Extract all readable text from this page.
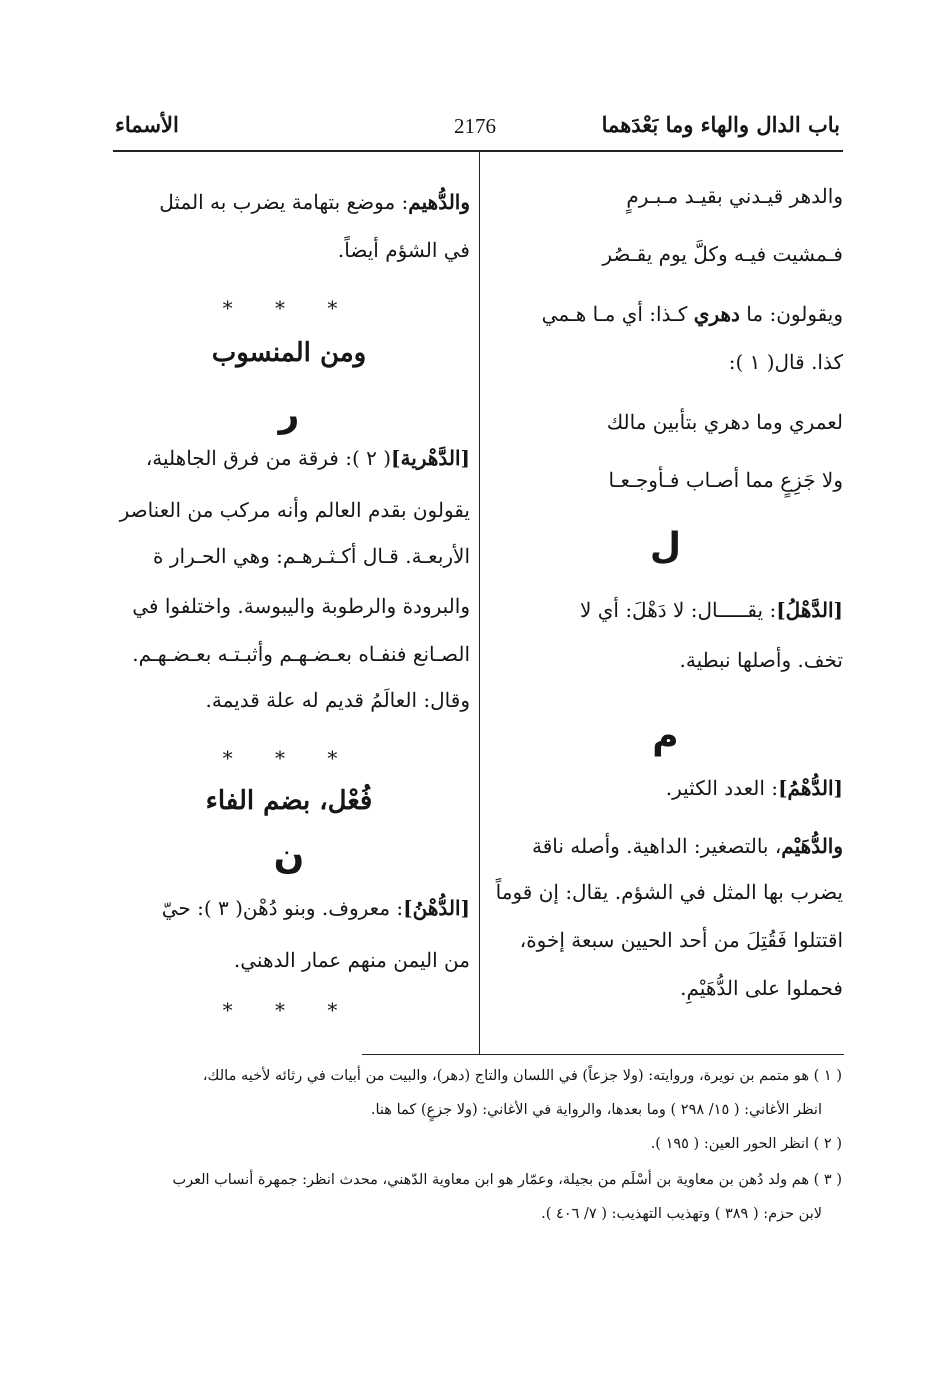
باب الدال والهاء وما بَعْدَهما
2176
الأسماء
والدهر قيـدني بقيـد مـبـرمٍ
فـمشيت فيـه وكلَّ يوم يقـصُر
ويقولون: ما دهري كـذا: أي مـا هـمي
كذا. قال( ١ ):
لعمري وما دهري بتأبين مالك
ولا جَزِعٍ مما أصـاب فـأوجـعـا
ل
[الدَّهْلُ]: يقـــــال: لا دَهْلَ: أي لا
تخف. وأصلها نبطية.
م
[الدُّهْمُ]: العدد الكثير.
والدُّهَيْم، بالتصغير: الداهية. وأصله ناقة
يضرب بها المثل في الشؤم. يقال: إن قوماً
اقتتلوا فَقُتِلَ من أحد الحيين سبعة إخوة،
فحملوا على الدُّهَيْمِ.
والدُّهيم: موضع بتهامة يضرب به المثل
في الشؤم أيضاً.
* * *
ومن المنسوب
ر
[الدَّهْرية]( ٢ ): فرقة من فرق الجاهلية،
يقولون بقدم العالم وأنه مركب من العناصر
الأربعـة. قـال أكـثـرهـم: وهي الحـرار ة
والبرودة والرطوبة واليبوسة. واختلفوا في
الصـانع فنفـاه بعـضـهـم وأثبـتـه بعـضـهـم.
وقال: العالَمُ قديم له علة قديمة.
* * *
فُعْل، بضم الفاء
ن
[الدُّهْنُ]: معروف. وبنو دُهْن( ٣ ): حيّ
من اليمن منهم عمار الدهني.
* * *
( ١ ) هو متمم بن نويرة، وروايته: (ولا جزعاً) في اللسان والتاج (دهر)، والبيت من أبيات في رثائه لأخيه مالك،
انظر الأغاني: ( ١٥/ ٢٩٨ ) وما بعدها، والرواية في الأغاني: (ولا جزعٍ) كما هنا.
( ٢ ) انظر الحور العين: ( ١٩٥ ).
( ٣ ) هم ولد دُهن بن معاوية بن أسْلَم من بجيلة، وعمّار هو ابن معاوية الدّهني، محدث انظر: جمهرة أنساب العرب
لابن حزم: ( ٣٨٩ ) وتهذيب التهذيب: ( ٧/ ٤٠٦ ).
